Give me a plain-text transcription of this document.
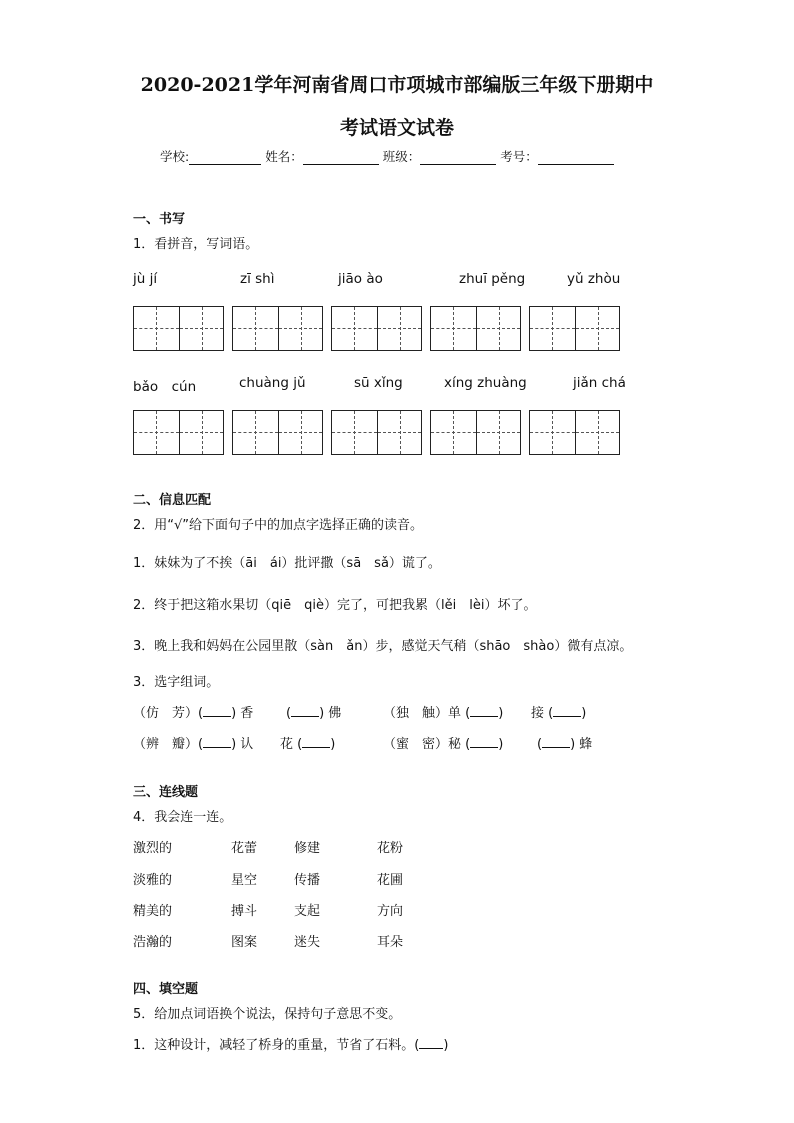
2020-2021学年河南省周口市项城市部编版三年级下册期中
考试语文试卷
学校:	姓名：	班级：	考号：
一、书写
1．看拼音，写词语。
jù jí	zī shì	jiāo ào	zhuī pěng	yǔ zhòu
bǎo　cún	chuàng jǔ	sū xǐng	xíng zhuàng	jiǎn chá
二、信息匹配
2．用“√”给下面句子中的加点字选择正确的读音。
1．妹妹为了不挨（āi　ái）批评撒（sā　sǎ）谎了。
2．终于把这箱水果切（qiē　qiè）完了，可把我累（lěi　lèi）坏了。
3．晚上我和妈妈在公园里散（sàn　ǎn）步，感觉天气稍（shāo　shào）微有点凉。
3．选字组词。
（仿　芳）( ) 香	( ) 佛	（独　触）单 ( ) 接 ( )
（辨　瓣）( ) 认 花 ( )	（蜜　密）秘 ( )	( ) 蜂
三、连线题
4．我会连一连。
激烈的	花蕾	修建	花粉
淡雅的	星空	传播	花圃
精美的	搏斗	支起	方向
浩瀚的	图案	迷失	耳朵
四、填空题
5．给加点词语换个说法，保持句子意思不变。
1．这种设计，减轻了桥身的重量，节省了石料。( )
